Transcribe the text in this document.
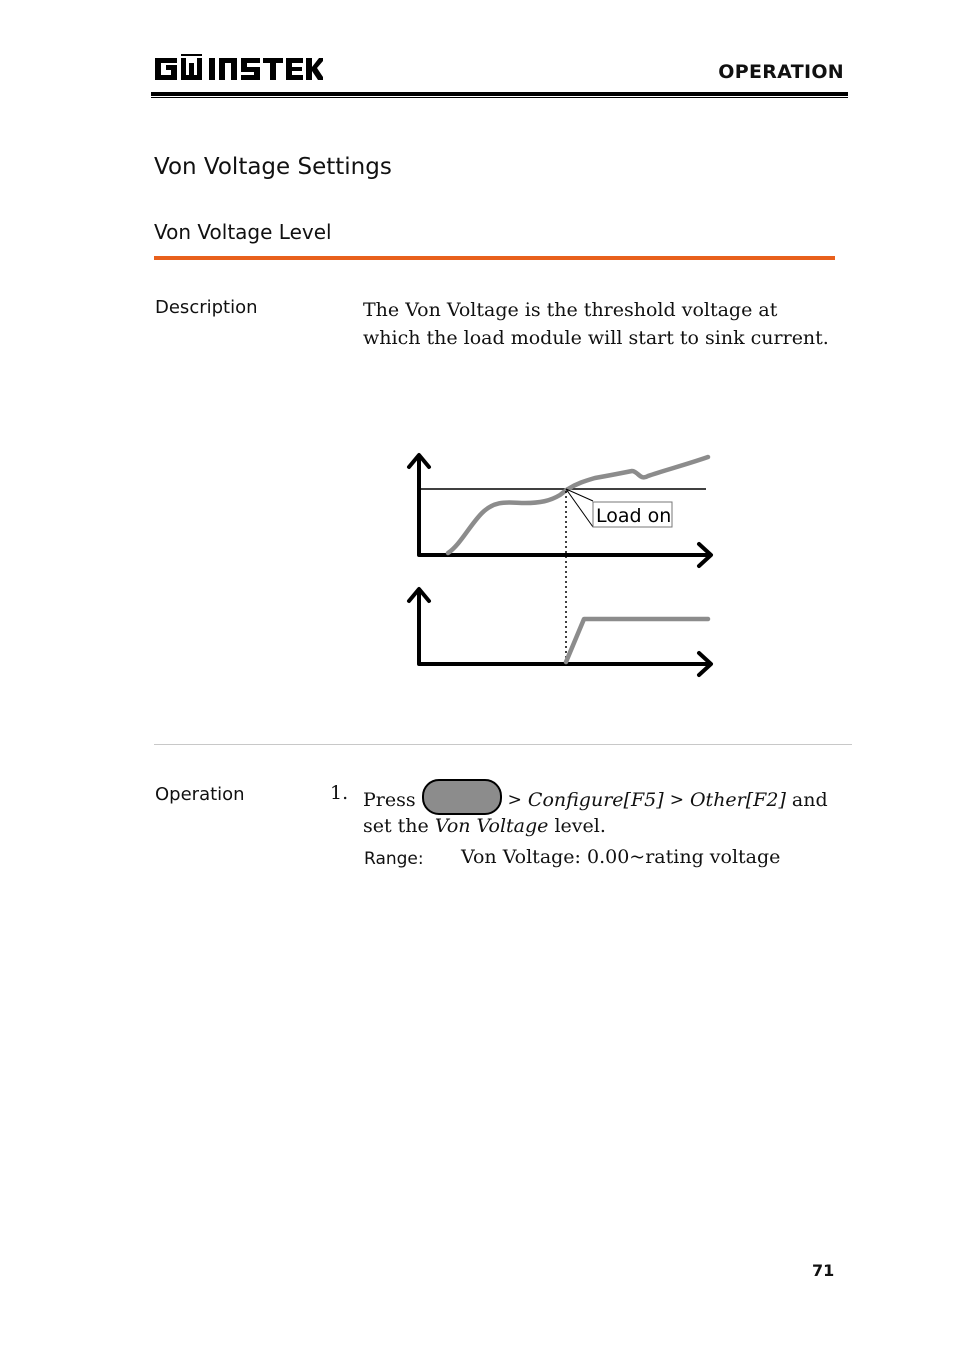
OPERATION
Von Voltage Settings
Von Voltage Level
Description	The Von Voltage is the threshold voltage at which the load module will start to sink current.
Load on
Operation	1. Press	> Configure[F5] > Other[F2] and
set the Von Voltage level.
Range: Von Voltage: 0.00~rating voltage
71
